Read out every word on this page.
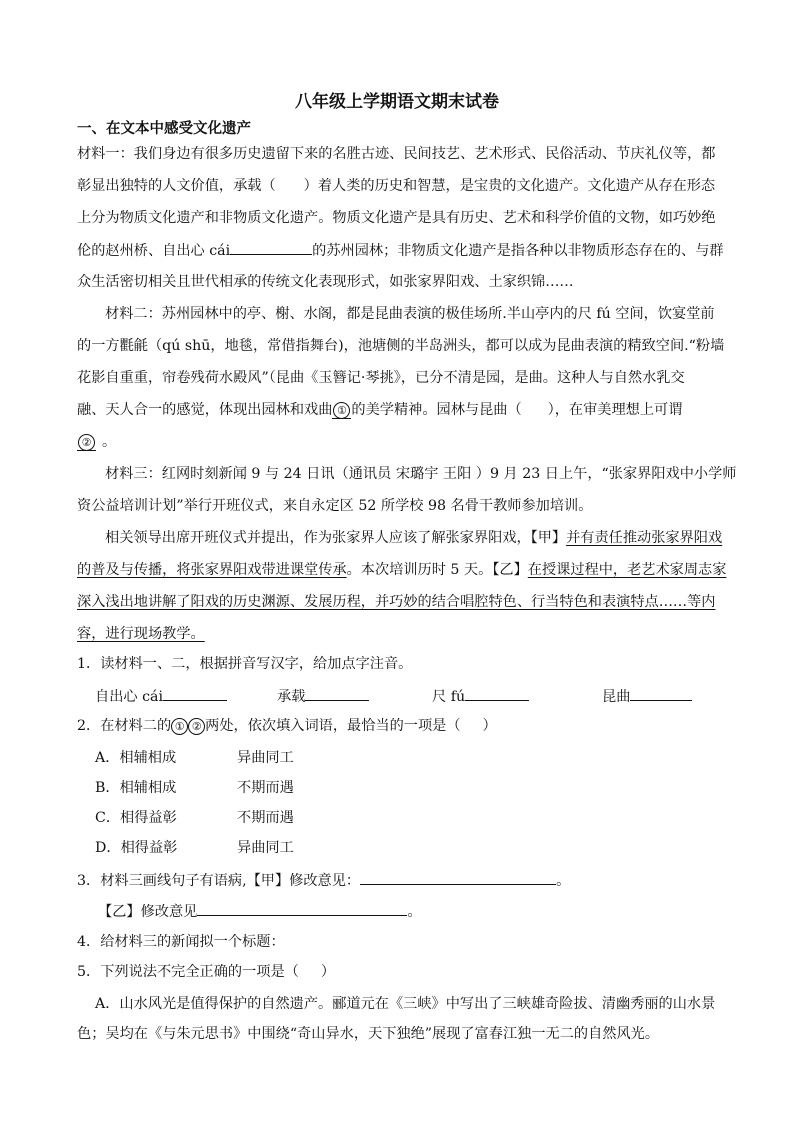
八年级上学期语文期末试卷
一、在文本中感受文化遗产
材料一：我们身边有很多历史遗留下来的名胜古迹、民间技艺、艺术形式、民俗活动、节庆礼仪等，都
彰显出独特的人文价值，承载（ ）着人类的历史和智慧，是宝贵的文化遗产。文化遗产从存在形态
上分为物质文化遗产和非物质文化遗产。物质文化遗产是具有历史、艺术和科学价值的文物，如巧妙绝
伦的赵州桥、自出心 cái	的苏州园林；非物质文化遗产是指各种以非物质形态存在的、与群
众生活密切相关且世代相承的传统文化表现形式，如张家界阳戏、土家织锦……
材料二：苏州园林中的亭、榭、水阁，都是昆曲表演的极佳场所.半山亭内的尺 fú 空间，饮宴堂前
的一方氍毹（qú shū，地毯，常借指舞台)，池塘侧的半岛洲头，都可以成为昆曲表演的精致空间.“粉墙
花影自重重，帘卷残荷水殿风”（昆曲《玉簪记·琴挑》，已分不清是园，是曲。这种人与自然水乳交
融、天人合一的感觉，体现出园林和戏曲 ① 的美学精神。园林与昆曲（ ），在审美理想上可谓
② 。
材料三：红网时刻新闻 9 与 24 日讯（通讯员 宋璐宇 王阳 ）9 月 23 日上午，“张家界阳戏中小学师
资公益培训计划”举行开班仪式，来自永定区 52 所学校 98 名骨干教师参加培训。
相关领导出席开班仪式并提出，作为张家界人应该了解张家界阳戏，【甲】并有责任推动张家界阳戏
的普及与传播，将张家界阳戏带进课堂传承。本次培训历时 5 天。【乙】在授课过程中，老艺术家周志家
深入浅出地讲解了阳戏的历史渊源、发展历程，并巧妙的结合唱腔特色、行当特色和表演特点……等内
容，进行现场教学。
1．读材料一、二，根据拼音写汉字，给加点字注音。
自出心 cái	承载	尺 fú	昆曲
2．在材料二的 ① ② 两处，依次填入词语，最恰当的一项是（ ）
A．相辅相成	异曲同工
B．相辅相成	不期而遇
C．相得益彰	不期而遇
D．相得益彰	异曲同工
3．材料三画线句子有语病,【甲】修改意见：	。
【乙】修改意见	。
4．给材料三的新闻拟一个标题：
5．下列说法不完全正确的一项是（ ）
A．山水风光是值得保护的自然遗产。郦道元在《三峡》中写出了三峡雄奇险拔、清幽秀丽的山水景
色；吴均在《与朱元思书》中围绕“奇山异水，天下独绝”展现了富春江独一无二的自然风光。
